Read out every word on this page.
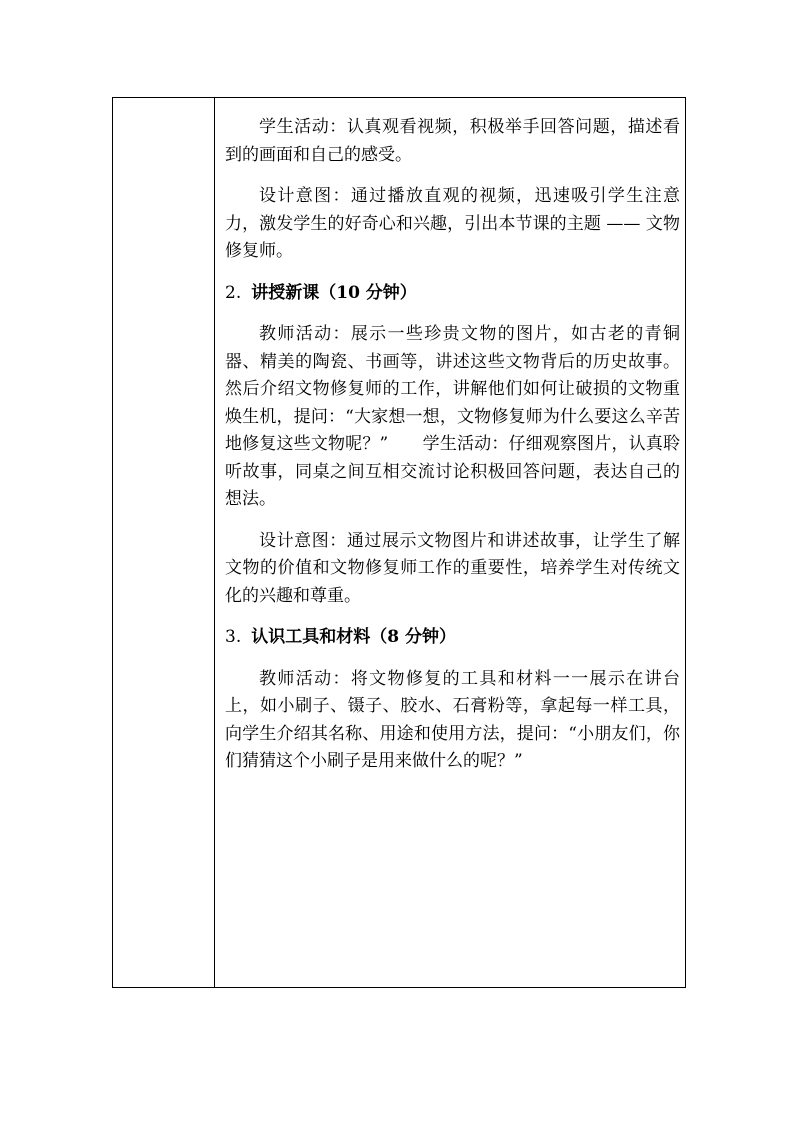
学生活动：认真观看视频，积极举手回答问题，描述看到的画面和自己的感受。

设计意图：通过播放直观的视频，迅速吸引学生注意力，激发学生的好奇心和兴趣，引出本节课的主题 —— 文物修复师。

2. 讲授新课（10 分钟）

教师活动：展示一些珍贵文物的图片，如古老的青铜器、精美的陶瓷、书画等，讲述这些文物背后的历史故事。然后介绍文物修复师的工作，讲解他们如何让破损的文物重焕生机，提问：“大家想一想，文物修复师为什么要这么辛苦地修复这些文物呢？”　　学生活动：仔细观察图片，认真聆听故事，同桌之间互相交流讨论积极回答问题，表达自己的想法。

设计意图：通过展示文物图片和讲述故事，让学生了解文物的价值和文物修复师工作的重要性，培养学生对传统文化的兴趣和尊重。

3. 认识工具和材料（8 分钟）

教师活动：将文物修复的工具和材料一一展示在讲台上，如小刷子、镊子、胶水、石膏粉等，拿起每一样工具，向学生介绍其名称、用途和使用方法，提问：“小朋友们，你们猜猜这个小刷子是用来做什么的呢？”
